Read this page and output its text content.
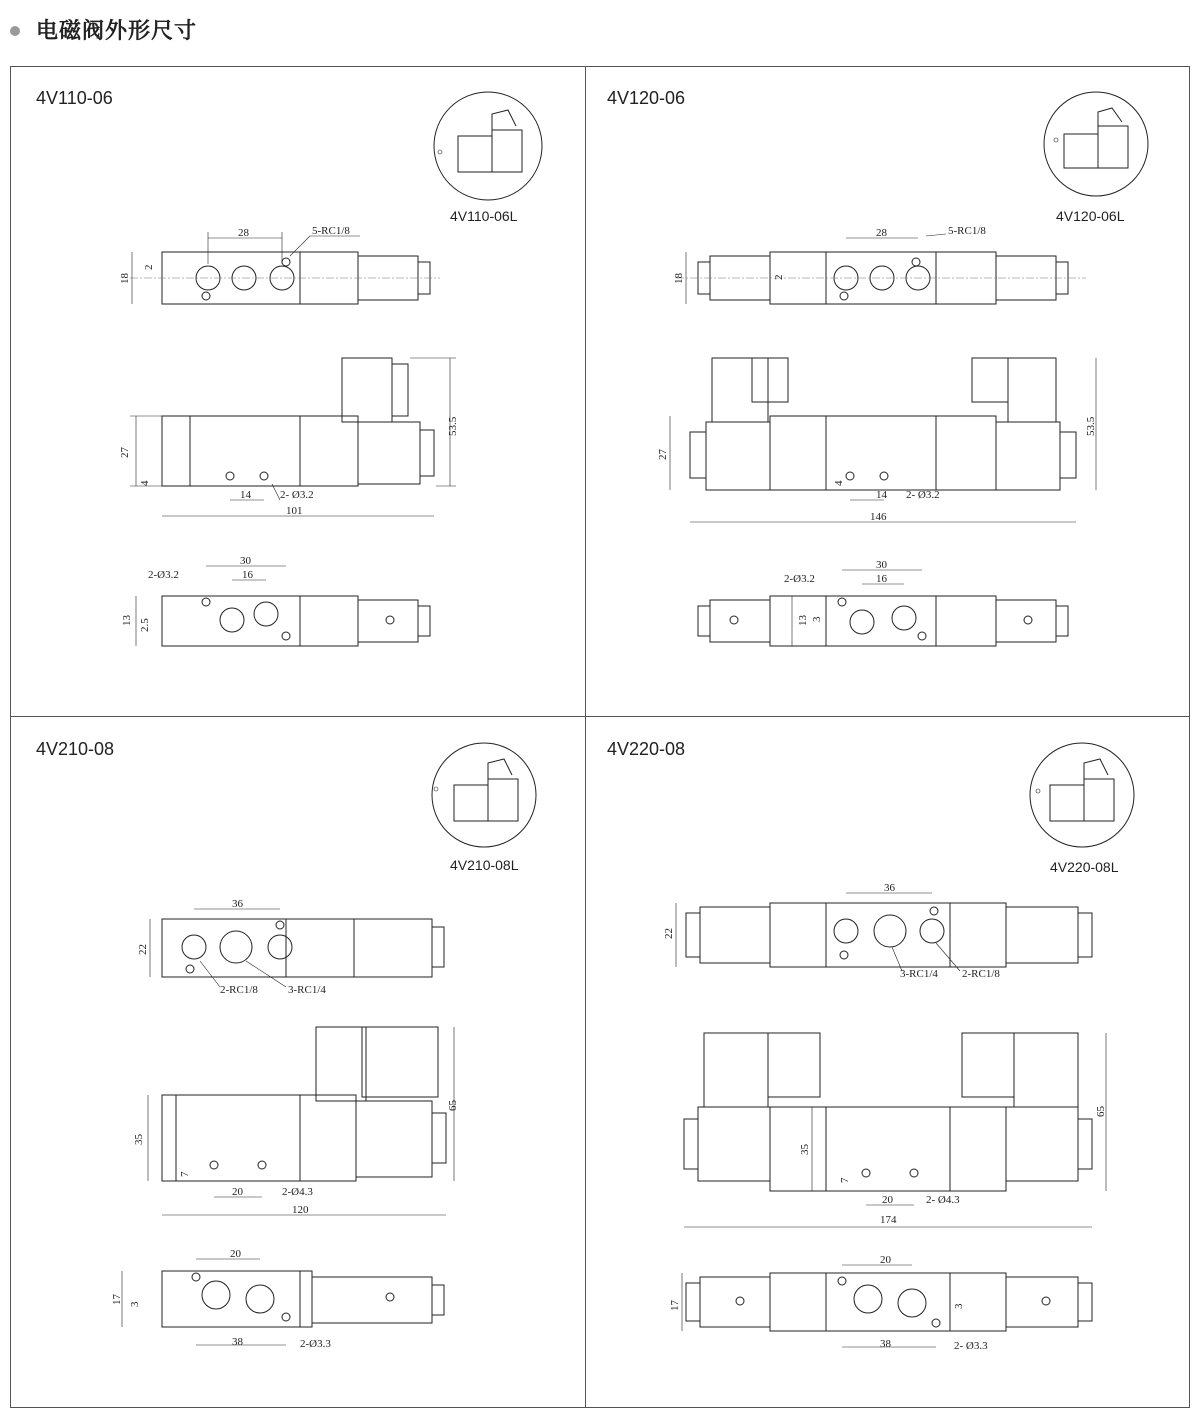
电磁阀外形尺寸
4V110-06
4V110-06L
28	5-RC1/8
18
2
27
53.5
4
14	2- Ø3.2
101
30
16
2-Ø3.2
13 2.5
4V120-06
4V120-06L
28	5-RC1/8
18	2
27
53.5
4
14 2- Ø3.2
146
30
16
2-Ø3.2
13 3
4V210-08
4V210-08L
36
2-RC1/8	3-RC1/4
22
35
65
7
20	2-Ø4.3
120
20
38	2-Ø3.3
17 3
4V220-08
4V220-08L
36
3-RC1/4 2-RC1/8
22
35
65
7
20	2- Ø4.3
174
20
38	2- Ø3.3
17	3
